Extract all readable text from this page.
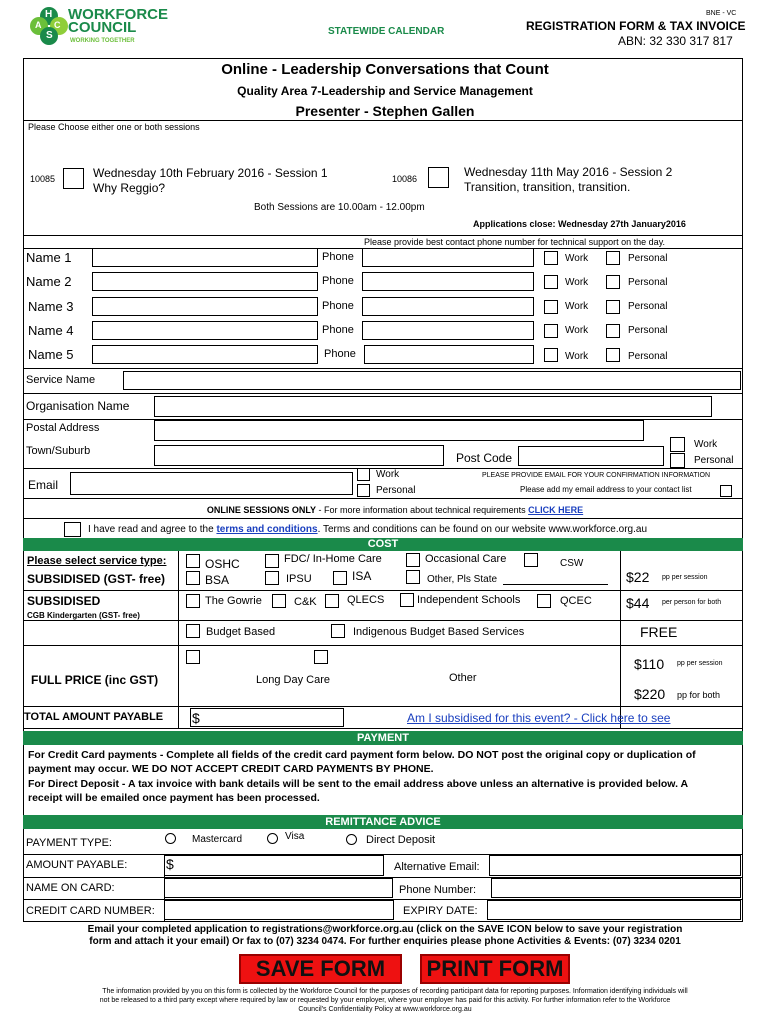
H
A C
S
WORKFORCE
COUNCIL
WORKING TOGETHER
STATEWIDE CALENDAR
BNE - VC
REGISTRATION FORM & TAX INVOICE
ABN: 32 330 317 817
Online - Leadership Conversations that Count
Quality Area 7-Leadership and Service Management
Presenter - Stephen Gallen
Please Choose either one or both sessions
10085	Wednesday 10th February 2016 - Session 1
Why Reggio?
10086	Wednesday 11th May 2016 - Session 2
Transition, transition, transition.
Both Sessions are 10.00am - 12.00pm
Applications close: Wednesday 27th January2016
Please provide best contact phone number for technical support on the day.
Name 1	Phone	Work	Personal
Name 2	Phone	Work	Personal
Name 3	Phone	Work	Personal
Name 4	Phone	Work	Personal
Name 5	Phone	Work	Personal
Service Name
Organisation Name
Postal Address
Town/Suburb	Post Code
Work
Personal
Email
Work
Personal
PLEASE PROVIDE EMAIL FOR YOUR CONFIRMATION INFORMATION
Please add my email address to your contact list
ONLINE SESSIONS ONLY - For more information about technical requirements CLICK HERE
I have read and agree to the terms and conditions. Terms and conditions can be found on our website www.workforce.org.au
COST
Please select service type:
SUBSIDISED (GST- free)
OSHC	FDC/ In-Home Care	Occasional Care	CSW
BSA	IPSU	ISA	Other, Pls State	$22 pp per session
SUBSIDISED
CGB Kindergarten (GST- free)
The Gowrie	C&K	QLECS	Independent Schools	QCEC $44 per person for both
Budget Based	Indigenous Budget Based Services	FREE
FULL PRICE (inc GST)	Long Day Care	Other
$110 pp per session
$220 pp for both
TOTAL AMOUNT PAYABLE $	Am I subsidised for this event? - Click here to see
PAYMENT
For Credit Card payments - Complete all fields of the credit card payment form below. DO NOT post the original copy or duplication of payment may occur. WE DO NOT ACCEPT CREDIT CARD PAYMENTS BY PHONE.
For Direct Deposit - A tax invoice with bank details will be sent to the email address above unless an alternative is provided below. A receipt will be emailed once payment has been processed.
REMITTANCE ADVICE
PAYMENT TYPE:	Mastercard	Visa	Direct Deposit
AMOUNT PAYABLE:	$	Alternative Email:
NAME ON CARD:	Phone Number:
CREDIT CARD NUMBER:	EXPIRY DATE:
Email your completed application to registrations@workforce.org.au (click on the SAVE ICON below to save your registration
form and attach it your email) Or fax to (07) 3234 0474. For further enquiries please phone Activities & Events: (07) 3234 0201
SAVE FORM	PRINT FORM
The information provided by you on this form is collected by the Workforce Council for the purposes of recording participant data for reporting purposes. Information identifying individuals will
not be released to a third party except where required by law or requested by your employer, where your employer has paid for this activity. For further information refer to the Workforce
Council's Confidentiality Policy at www.workforce.org.au
